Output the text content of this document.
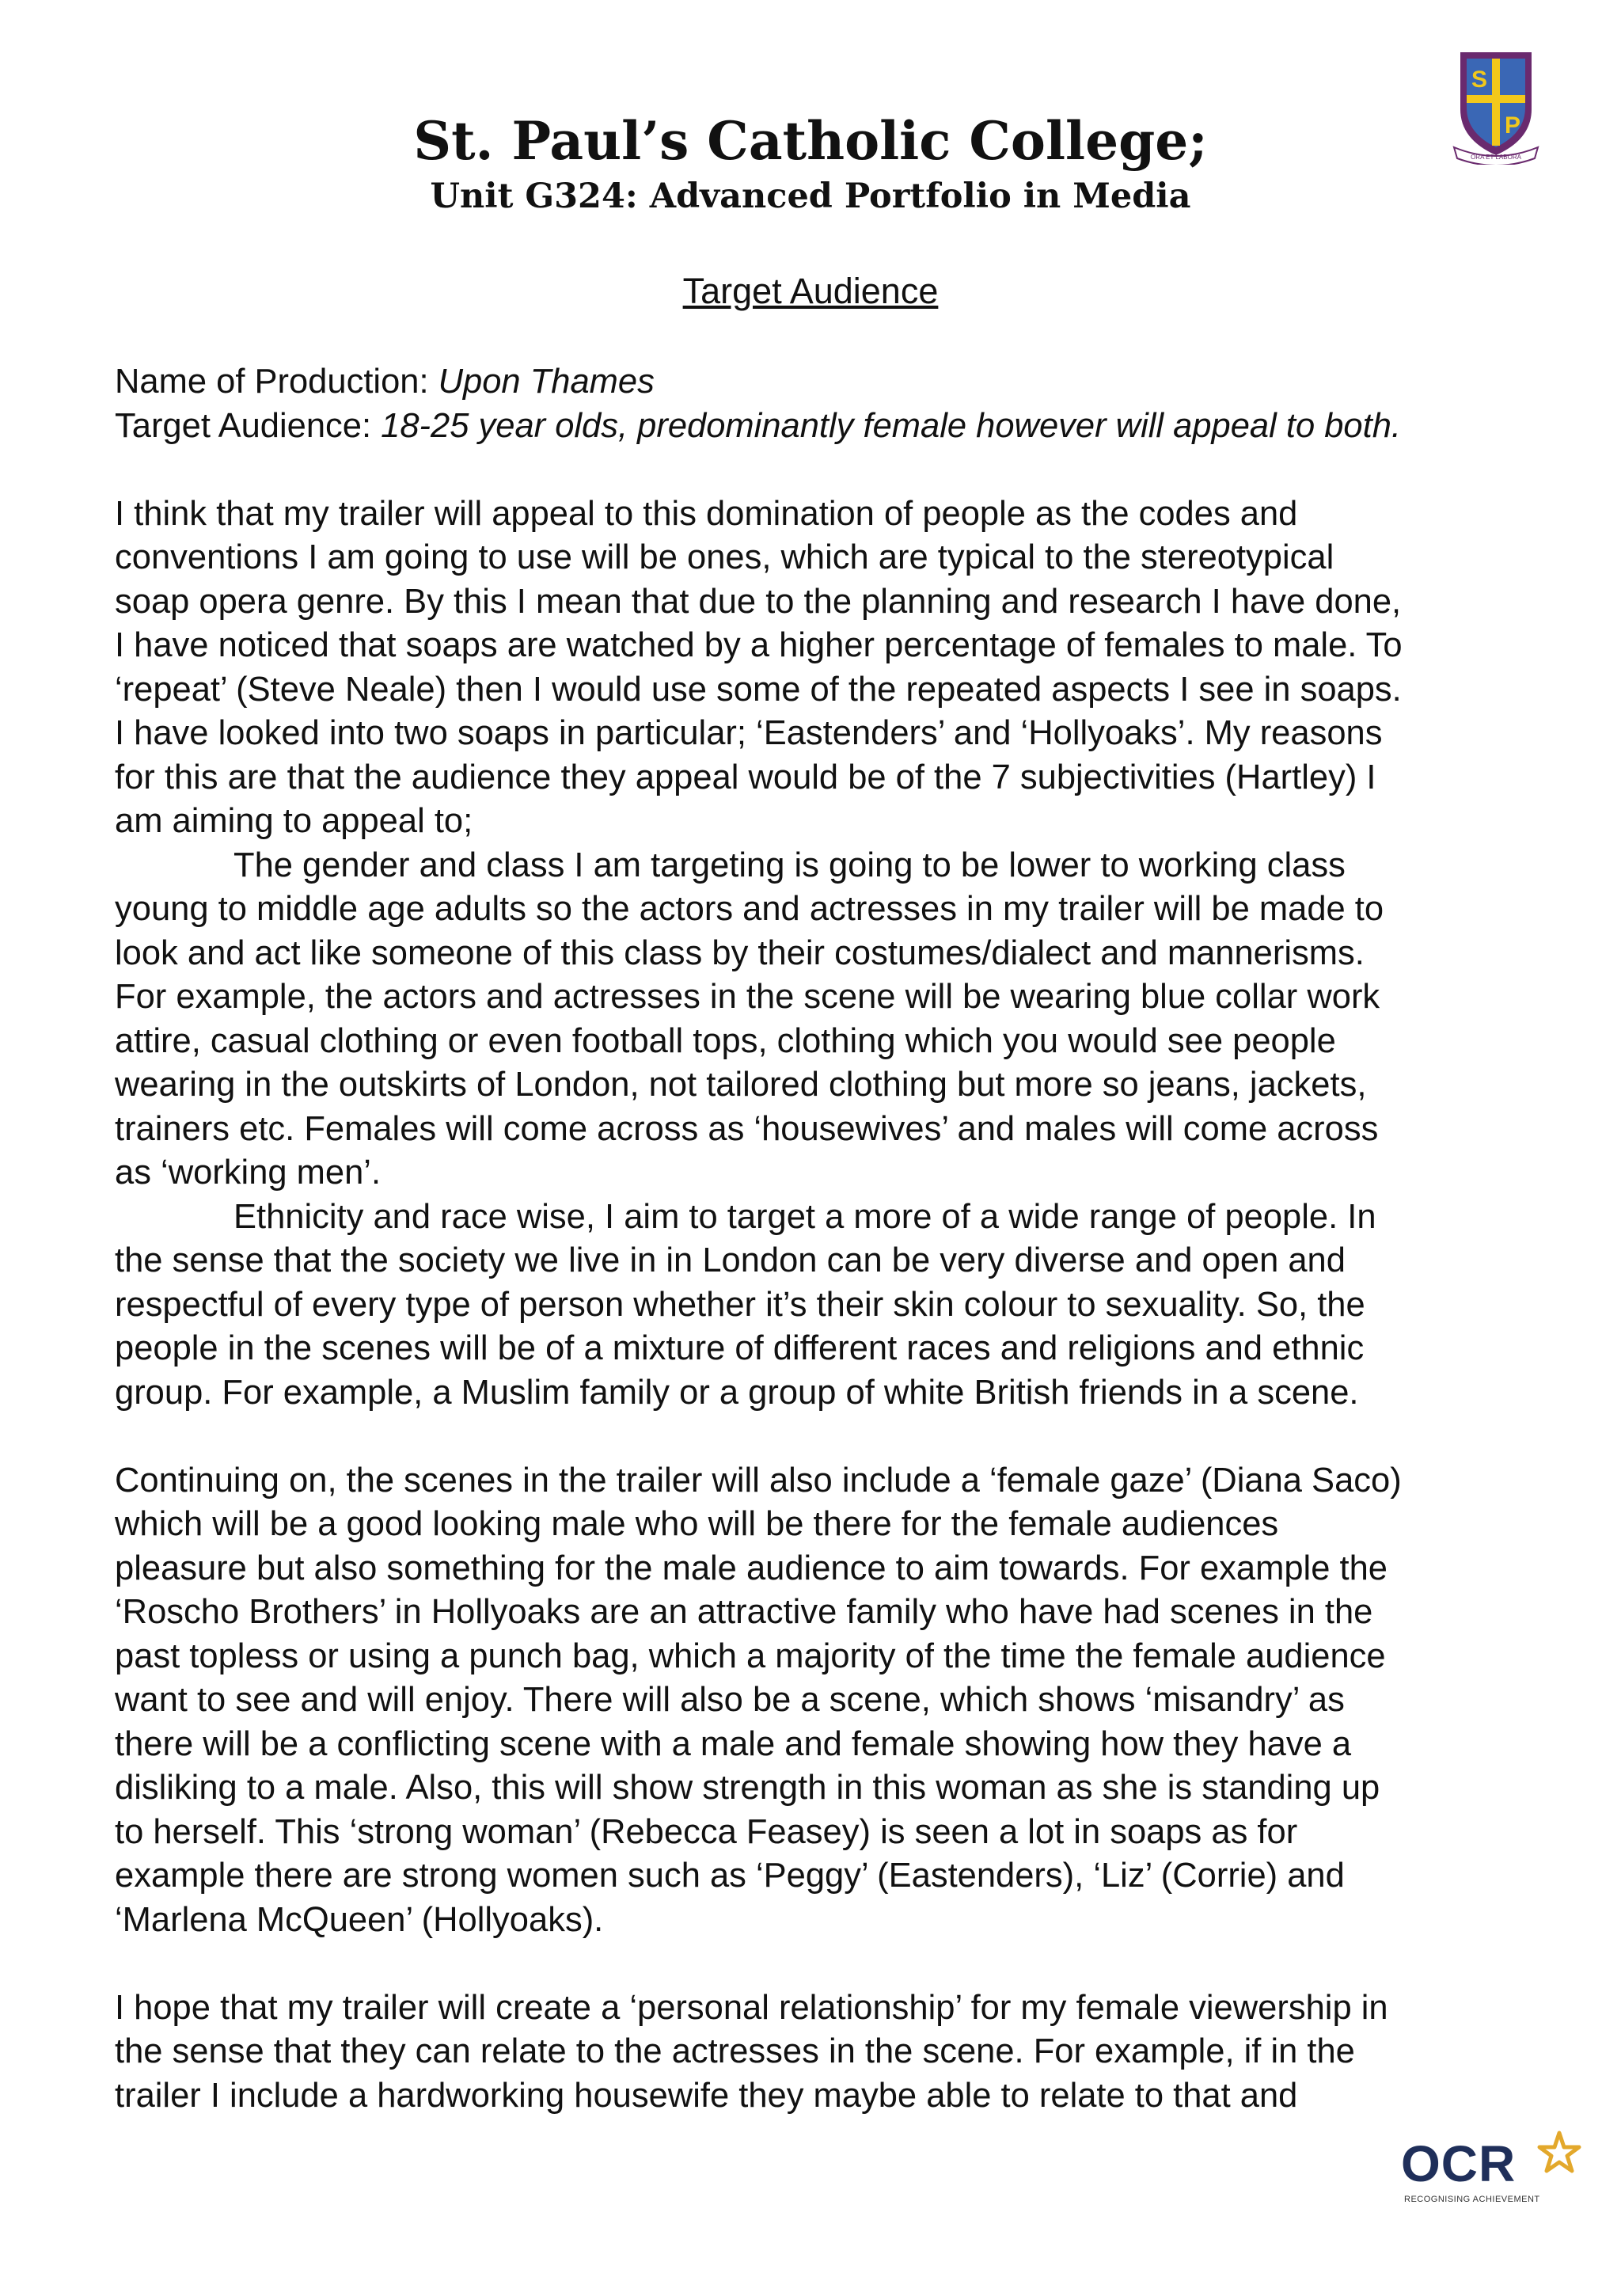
S
P
ORA ET LABORA
St. Paul’s Catholic College;
Unit G324: Advanced Portfolio in Media
Target Audience
Name of Production: Upon Thames
Target Audience: 18-25 year olds, predominantly female however will appeal to both.
I think that my trailer will appeal to this domination of people as the codes and
conventions I am going to use will be ones, which are typical to the stereotypical
soap opera genre. By this I mean that due to the planning and research I have done,
I have noticed that soaps are watched by a higher percentage of females to male. To
‘repeat’ (Steve Neale) then I would use some of the repeated aspects I see in soaps.
I have looked into two soaps in particular; ‘Eastenders’ and ‘Hollyoaks’. My reasons
for this are that the audience they appeal would be of the 7 subjectivities (Hartley) I
am aiming to appeal to;
The gender and class I am targeting is going to be lower to working class
young to middle age adults so the actors and actresses in my trailer will be made to
look and act like someone of this class by their costumes/dialect and mannerisms.
For example, the actors and actresses in the scene will be wearing blue collar work
attire, casual clothing or even football tops, clothing which you would see people
wearing in the outskirts of London, not tailored clothing but more so jeans, jackets,
trainers etc. Females will come across as ‘housewives’ and males will come across
as ‘working men’.
Ethnicity and race wise, I aim to target a more of a wide range of people. In
the sense that the society we live in in London can be very diverse and open and
respectful of every type of person whether it’s their skin colour to sexuality. So, the
people in the scenes will be of a mixture of different races and religions and ethnic
group. For example, a Muslim family or a group of white British friends in a scene.
Continuing on, the scenes in the trailer will also include a ‘female gaze’ (Diana Saco)
which will be a good looking male who will be there for the female audiences
pleasure but also something for the male audience to aim towards. For example the
‘Roscho Brothers’ in Hollyoaks are an attractive family who have had scenes in the
past topless or using a punch bag, which a majority of the time the female audience
want to see and will enjoy. There will also be a scene, which shows ‘misandry’ as
there will be a conflicting scene with a male and female showing how they have a
disliking to a male. Also, this will show strength in this woman as she is standing up
to herself. This ‘strong woman’ (Rebecca Feasey) is seen a lot in soaps as for
example there are strong women such as ‘Peggy’ (Eastenders), ‘Liz’ (Corrie) and
‘Marlena McQueen’ (Hollyoaks).
I hope that my trailer will create a ‘personal relationship’ for my female viewership in
the sense that they can relate to the actresses in the scene. For example, if in the
trailer I include a hardworking housewife they maybe able to relate to that and
OCR
RECOGNISING ACHIEVEMENT
